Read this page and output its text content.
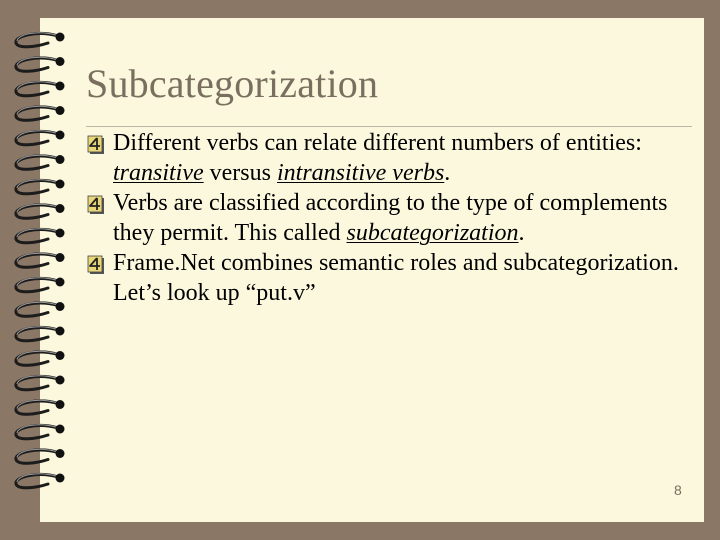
Subcategorization

Different verbs can relate different numbers of entities: transitive versus intransitive verbs.

Verbs are classified according to the type of complements they permit. This called subcategorization.

Frame.Net combines semantic roles and subcategorization. Let’s look up “put.v”

8
